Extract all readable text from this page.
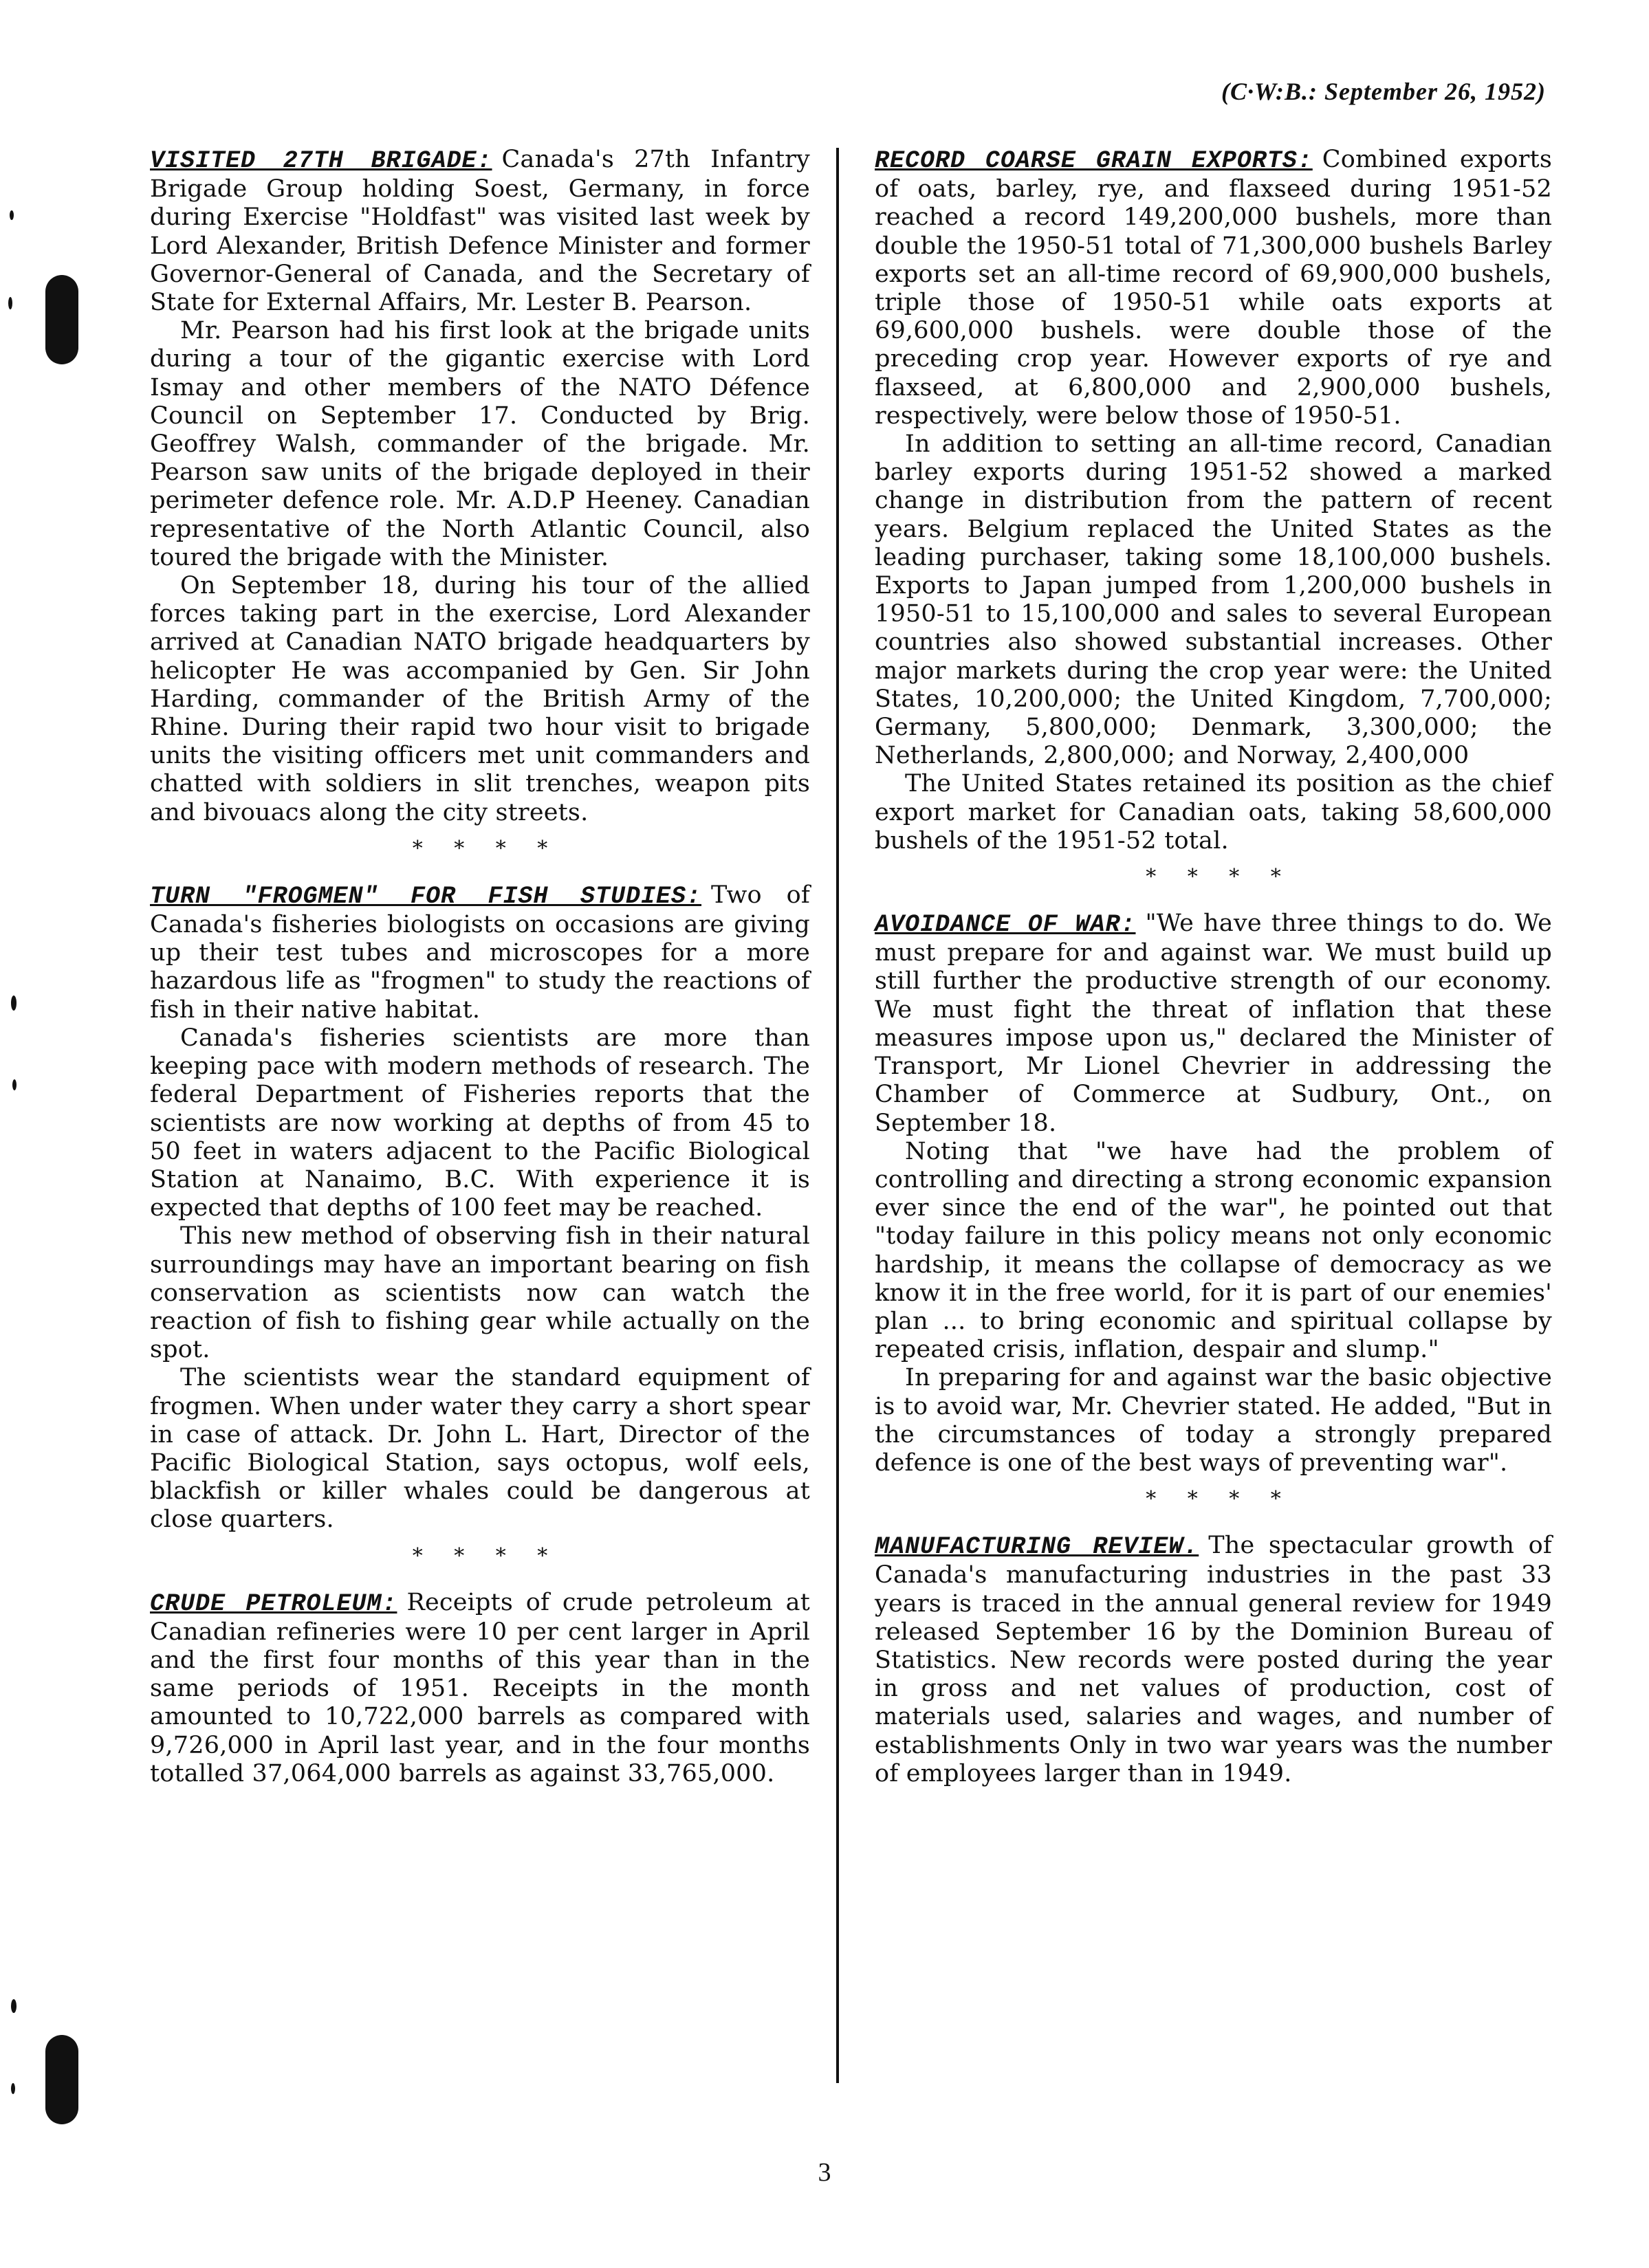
(C·W:B.: September 26, 1952)

VISITED 27TH BRIGADE: Canada's 27th Infantry Brigade Group holding Soest, Germany, in force during Exercise "Holdfast" was visited last week by Lord Alexander, British Defence Minister and former Governor-General of Canada, and the Secretary of State for External Affairs, Mr. Lester B. Pearson.

Mr. Pearson had his first look at the brigade units during a tour of the gigantic exercise with Lord Ismay and other members of the NATO Défence Council on September 17. Conducted by Brig. Geoffrey Walsh, commander of the brigade. Mr. Pearson saw units of the brigade deployed in their perimeter defence role. Mr. A.D.P Heeney. Canadian representative of the North Atlantic Council, also toured the brigade with the Minister.

On September 18, during his tour of the allied forces taking part in the exercise, Lord Alexander arrived at Canadian NATO brigade headquarters by helicopter He was accompanied by Gen. Sir John Harding, commander of the British Army of the Rhine. During their rapid two hour visit to brigade units the visiting officers met unit commanders and chatted with soldiers in slit trenches, weapon pits and bivouacs along the city streets.

* * * *

TURN "FROGMEN" FOR FISH STUDIES: Two of Canada's fisheries biologists on occasions are giving up their test tubes and microscopes for a more hazardous life as "frogmen" to study the reactions of fish in their native habitat.

Canada's fisheries scientists are more than keeping pace with modern methods of research. The federal Department of Fisheries reports that the scientists are now working at depths of from 45 to 50 feet in waters adjacent to the Pacific Biological Station at Nanaimo, B.C. With experience it is expected that depths of 100 feet may be reached.

This new method of observing fish in their natural surroundings may have an important bearing on fish conservation as scientists now can watch the reaction of fish to fishing gear while actually on the spot.

The scientists wear the standard equipment of frogmen. When under water they carry a short spear in case of attack. Dr. John L. Hart, Director of the Pacific Biological Station, says octopus, wolf eels, blackfish or killer whales could be dangerous at close quarters.

* * * *

CRUDE PETROLEUM: Receipts of crude petroleum at Canadian refineries were 10 per cent larger in April and the first four months of this year than in the same periods of 1951. Receipts in the month amounted to 10,722,000 barrels as compared with 9,726,000 in April last year, and in the four months totalled 37,064,000 barrels as against 33,765,000.

RECORD COARSE GRAIN EXPORTS: Combined exports of oats, barley, rye, and flaxseed during 1951-52 reached a record 149,200,000 bushels, more than double the 1950-51 total of 71,300,000 bushels Barley exports set an all-time record of 69,900,000 bushels, triple those of 1950-51 while oats exports at 69,600,000 bushels. were double those of the preceding crop year. However exports of rye and flaxseed, at 6,800,000 and 2,900,000 bushels, respectively, were below those of 1950-51.

In addition to setting an all-time record, Canadian barley exports during 1951-52 showed a marked change in distribution from the pattern of recent years. Belgium replaced the United States as the leading purchaser, taking some 18,100,000 bushels. Exports to Japan jumped from 1,200,000 bushels in 1950-51 to 15,100,000 and sales to several European countries also showed substantial increases. Other major markets during the crop year were: the United States, 10,200,000; the United Kingdom, 7,700,000; Germany, 5,800,000; Denmark, 3,300,000; the Netherlands, 2,800,000; and Norway, 2,400,000

The United States retained its position as the chief export market for Canadian oats, taking 58,600,000 bushels of the 1951-52 total.

* * * *

AVOIDANCE OF WAR: "We have three things to do. We must prepare for and against war. We must build up still further the productive strength of our economy. We must fight the threat of inflation that these measures impose upon us," declared the Minister of Transport, Mr Lionel Chevrier in addressing the Chamber of Commerce at Sudbury, Ont., on September 18.

Noting that "we have had the problem of controlling and directing a strong economic expansion ever since the end of the war", he pointed out that "today failure in this policy means not only economic hardship, it means the collapse of democracy as we know it in the free world, for it is part of our enemies' plan ... to bring economic and spiritual collapse by repeated crisis, inflation, despair and slump."

In preparing for and against war the basic objective is to avoid war, Mr. Chevrier stated. He added, "But in the circumstances of today a strongly prepared defence is one of the best ways of preventing war".

* * * *

MANUFACTURING REVIEW. The spectacular growth of Canada's manufacturing industries in the past 33 years is traced in the annual general review for 1949 released September 16 by the Dominion Bureau of Statistics. New records were posted during the year in gross and net values of production, cost of materials used, salaries and wages, and number of establishments Only in two war years was the number of employees larger than in 1949.

3
